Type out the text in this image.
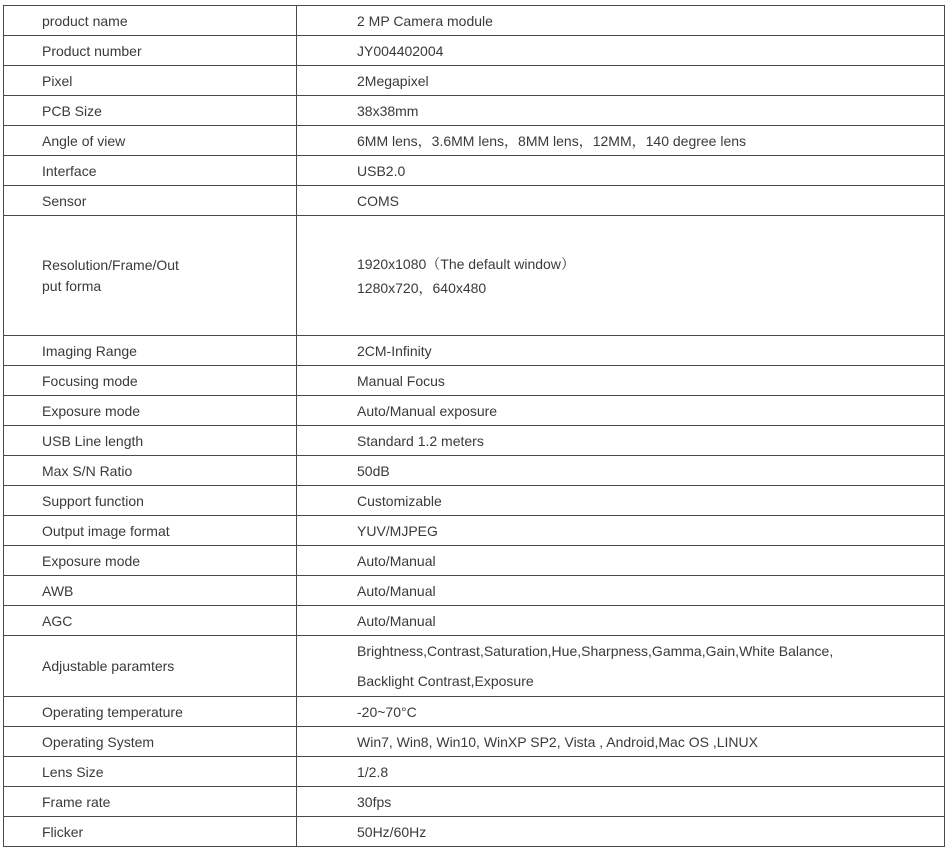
product name	2 MP Camera module

Product number	JY004402004

Pixel	2Megapixel

PCB Size	38x38mm

Angle of view	6MM lens，3.6MM lens，8MM lens，12MM，140 degree lens

Interface	USB2.0

Sensor	COMS

Resolution/Frame/Out
put forma	1920x1080（The default window）
1280x720，640x480

Imaging Range	2CM-Infinity

Focusing mode	Manual Focus

Exposure mode	Auto/Manual exposure

USB Line length	Standard 1.2 meters

Max S/N Ratio	50dB

Support function	Customizable

Output image format	YUV/MJPEG

Exposure mode	Auto/Manual

AWB	Auto/Manual

AGC	Auto/Manual

Adjustable paramters	Brightness,Contrast,Saturation,Hue,Sharpness,Gamma,Gain,White Balance,
Backlight Contrast,Exposure

Operating temperature	-20~70°C

Operating System	Win7, Win8, Win10, WinXP SP2, Vista , Android,Mac OS ,LINUX

Lens Size	1/2.8

Frame rate	30fps

Flicker	50Hz/60Hz
